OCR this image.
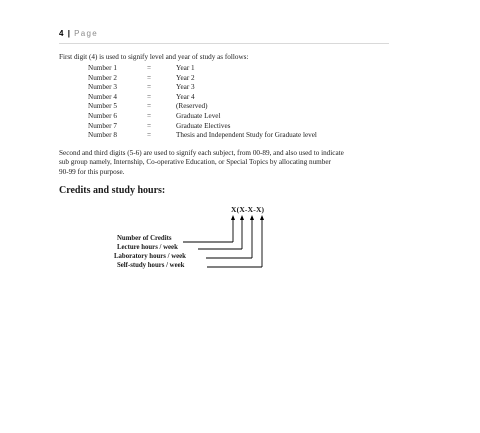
4 | Page
First digit (4) is used to signify level and year of study as follows:
Number 1	=	Year 1
Number 2	=	Year 2
Number 3	=	Year 3
Number 4	=	Year 4
Number 5	=	(Reserved)
Number 6	=	Graduate Level
Number 7	=	Graduate Electives
Number 8	=	Thesis and Independent Study for Graduate level
Second and third digits (5-6) are used to signify each subject, from 00-89, and also used to indicate
sub group namely, Internship, Co-operative Education, or Special Topics by allocating number
90-99 for this purpose.
Credits and study hours:
X(X-X-X)
Number of Credits
Lecture hours / week
Laboratory hours / week
Self-study hours / week
